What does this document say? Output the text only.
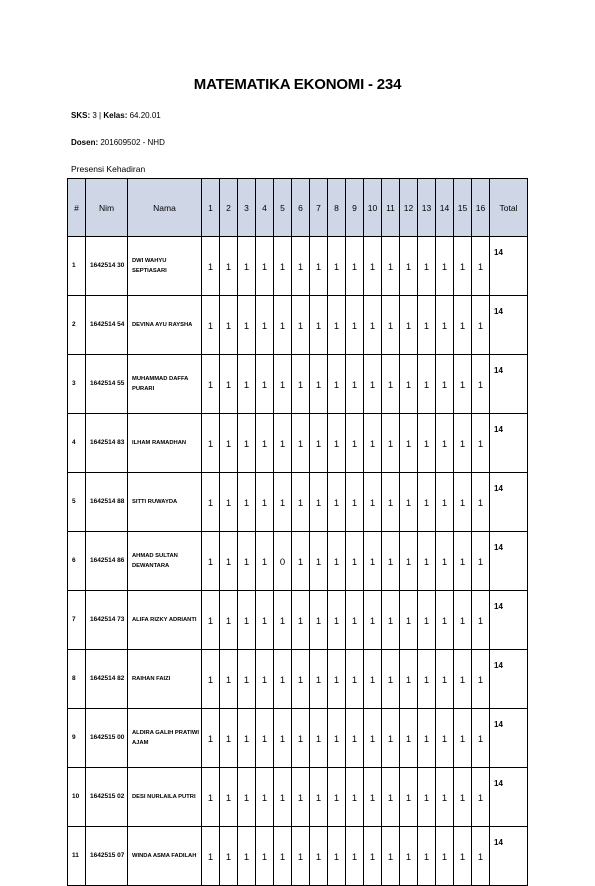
MATEMATIKA EKONOMI - 234
SKS: 3 | Kelas: 64.20.01
Dosen: 201609502 - NHD
Presensi Kehadiran
#	Nim	Nama	1	2	3	4	5	6	7	8	9	10	11	12	13	14	15	16	Total
1	1642514 30	DWI WAHYU SEPTIASARI	1	1	1	1	1	1	1	1	1	1	1	1	1	1	1	1	14
2	1642514 54	DEVINA AYU RAYSHA	1	1	1	1	1	1	1	1	1	1	1	1	1	1	1	1	14
3	1642514 55	MUHAMMAD DAFFA PURARI	1	1	1	1	1	1	1	1	1	1	1	1	1	1	1	1	14
4	1642514 83	ILHAM RAMADHAN	1	1	1	1	1	1	1	1	1	1	1	1	1	1	1	1	14
5	1642514 88	SITTI RUWAYDA	1	1	1	1	1	1	1	1	1	1	1	1	1	1	1	1	14
6	1642514 86	AHMAD SULTAN DEWANTARA	1	1	1	1	0	1	1	1	1	1	1	1	1	1	1	1	14
7	1642514 73	ALIFA RIZKY ADRIANTI	1	1	1	1	1	1	1	1	1	1	1	1	1	1	1	1	14
8	1642514 82	RAIHAN FAIZI	1	1	1	1	1	1	1	1	1	1	1	1	1	1	1	1	14
9	1642515 00	ALDIRA GALIH PRATIWI AJAM	1	1	1	1	1	1	1	1	1	1	1	1	1	1	1	1	14
10	1642515 02	DESI NURLAILA PUTRI	1	1	1	1	1	1	1	1	1	1	1	1	1	1	1	1	14
11	1642515 07	WINDA ASMA FADILAH	1	1	1	1	1	1	1	1	1	1	1	1	1	1	1	1	14
